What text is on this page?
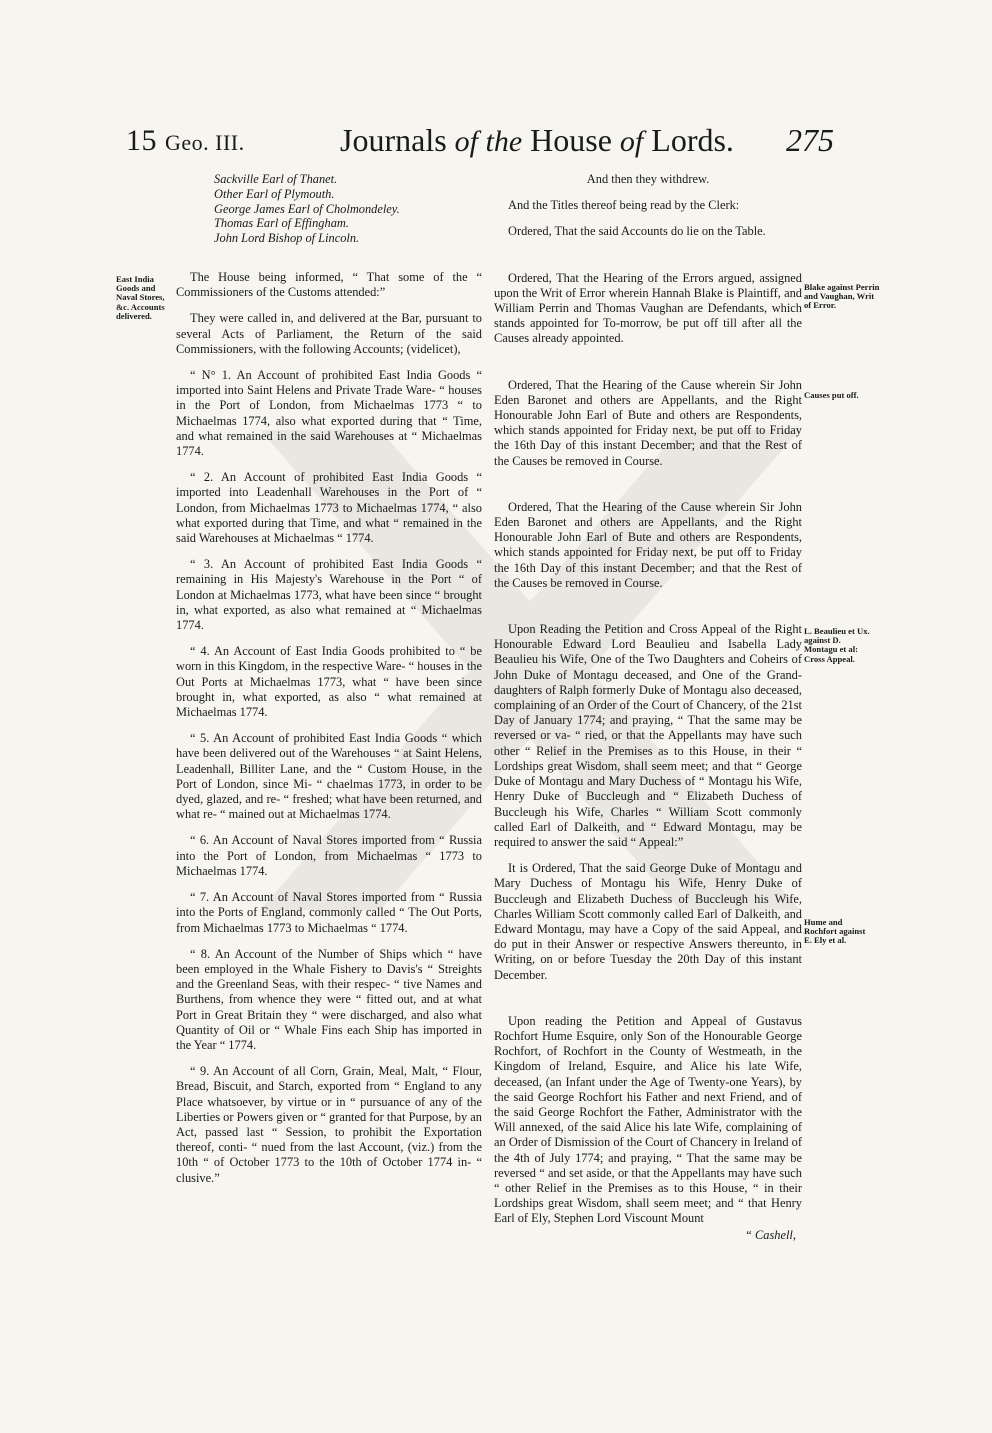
15 Geo. III.	Journals of the House of Lords. 275
East India Goods and Naval Stores, &c. Accounts delivered.
Blake against Perrin and Vaughan, Writ of Error.
Causes put off.
L. Beaulieu et Ux. against D. Montagu et al: Cross Appeal.
Hume and Rochfort against E. Ely et al.
Sackville Earl of Thanet.
Other Earl of Plymouth.
George James Earl of Cholmondeley.
Thomas Earl of Effingham.
John Lord Bishop of Lincoln.

The House being informed, “ That some of the “ Commissioners of the Customs attended:”

They were called in, and delivered at the Bar, pursuant to several Acts of Parliament, the Return of the said Commissioners, with the following Accounts; (videlicet),

“ N° 1. An Account of prohibited East India Goods “ imported into Saint Helens and Private Trade Ware- “ houses in the Port of London, from Michaelmas 1773 “ to Michaelmas 1774, also what exported during that “ Time, and what remained in the said Warehouses at “ Michaelmas 1774.

“ 2. An Account of prohibited East India Goods “ imported into Leadenhall Warehouses in the Port of “ London, from Michaelmas 1773 to Michaelmas 1774, “ also what exported during that Time, and what “ remained in the said Warehouses at Michaelmas “ 1774.

“ 3. An Account of prohibited East India Goods “ remaining in His Majesty's Warehouse in the Port “ of London at Michaelmas 1773, what have been since “ brought in, what exported, as also what remained at “ Michaelmas 1774.

“ 4. An Account of East India Goods prohibited to “ be worn in this Kingdom, in the respective Ware- “ houses in the Out Ports at Michaelmas 1773, what “ have been since brought in, what exported, as also “ what remained at Michaelmas 1774.

“ 5. An Account of prohibited East India Goods “ which have been delivered out of the Warehouses “ at Saint Helens, Leadenhall, Billiter Lane, and the “ Custom House, in the Port of London, since Mi- “ chaelmas 1773, in order to be dyed, glazed, and re- “ freshed; what have been returned, and what re- “ mained out at Michaelmas 1774.

“ 6. An Account of Naval Stores imported from “ Russia into the Port of London, from Michaelmas “ 1773 to Michaelmas 1774.

“ 7. An Account of Naval Stores imported from “ Russia into the Ports of England, commonly called “ The Out Ports, from Michaelmas 1773 to Michaelmas “ 1774.

“ 8. An Account of the Number of Ships which “ have been employed in the Whale Fishery to Davis's “ Streights and the Greenland Seas, with their respec- “ tive Names and Burthens, from whence they were “ fitted out, and at what Port in Great Britain they “ were discharged, and also what Quantity of Oil or “ Whale Fins each Ship has imported in the Year “ 1774.

“ 9. An Account of all Corn, Grain, Meal, Malt, “ Flour, Bread, Biscuit, and Starch, exported from “ England to any Place whatsoever, by virtue or in “ pursuance of any of the Liberties or Powers given or “ granted for that Purpose, by an Act, passed last “ Session, to prohibit the Exportation thereof, conti- “ nued from the last Account, (viz.) from the 10th “ of October 1773 to the 10th of October 1774 in- “ clusive.”

And then they withdrew.

And the Titles thereof being read by the Clerk:

Ordered, That the said Accounts do lie on the Table.

Ordered, That the Hearing of the Errors argued, assigned upon the Writ of Error wherein Hannah Blake is Plaintiff, and William Perrin and Thomas Vaughan are Defendants, which stands appointed for To-morrow, be put off till after all the Causes already appointed.

Ordered, That the Hearing of the Cause wherein Sir John Eden Baronet and others are Appellants, and the Right Honourable John Earl of Bute and others are Respondents, which stands appointed for Friday next, be put off to Friday the 16th Day of this instant December; and that the Rest of the Causes be removed in Course.

Ordered, That the Hearing of the Cause wherein Sir John Eden Baronet and others are Appellants, and the Right Honourable John Earl of Bute and others are Respondents, which stands appointed for Friday next, be put off to Friday the 16th Day of this instant December; and that the Rest of the Causes be removed in Course.

Upon Reading the Petition and Cross Appeal of the Right Honourable Edward Lord Beaulieu and Isabella Lady Beaulieu his Wife, One of the Two Daughters and Coheirs of John Duke of Montagu deceased, and One of the Grand-daughters of Ralph formerly Duke of Montagu also deceased, complaining of an Order of the Court of Chancery, of the 21st Day of January 1774; and praying, “ That the same may be reversed or va- “ ried, or that the Appellants may have such other “ Relief in the Premises as to this House, in their “ Lordships great Wisdom, shall seem meet; and that “ George Duke of Montagu and Mary Duchess of “ Montagu his Wife, Henry Duke of Buccleugh and “ Elizabeth Duchess of Buccleugh his Wife, Charles “ William Scott commonly called Earl of Dalkeith, and “ Edward Montagu, may be required to answer the said “ Appeal:”

It is Ordered, That the said George Duke of Montagu and Mary Duchess of Montagu his Wife, Henry Duke of Buccleugh and Elizabeth Duchess of Buccleugh his Wife, Charles William Scott commonly called Earl of Dalkeith, and Edward Montagu, may have a Copy of the said Appeal, and do put in their Answer or respective Answers thereunto, in Writing, on or before Tuesday the 20th Day of this instant December.

Upon reading the Petition and Appeal of Gustavus Rochfort Hume Esquire, only Son of the Honourable George Rochfort, of Rochfort in the County of Westmeath, in the Kingdom of Ireland, Esquire, and Alice his late Wife, deceased, (an Infant under the Age of Twenty-one Years), by the said George Rochfort his Father and next Friend, and of the said George Rochfort the Father, Administrator with the Will annexed, of the said Alice his late Wife, complaining of an Order of Dismission of the Court of Chancery in Ireland of the 4th of July 1774; and praying, “ That the same may be reversed “ and set aside, or that the Appellants may have such “ other Relief in the Premises as to this House, “ in their Lordships great Wisdom, shall seem meet; and “ that Henry Earl of Ely, Stephen Lord Viscount Mount

“ Cashell,
